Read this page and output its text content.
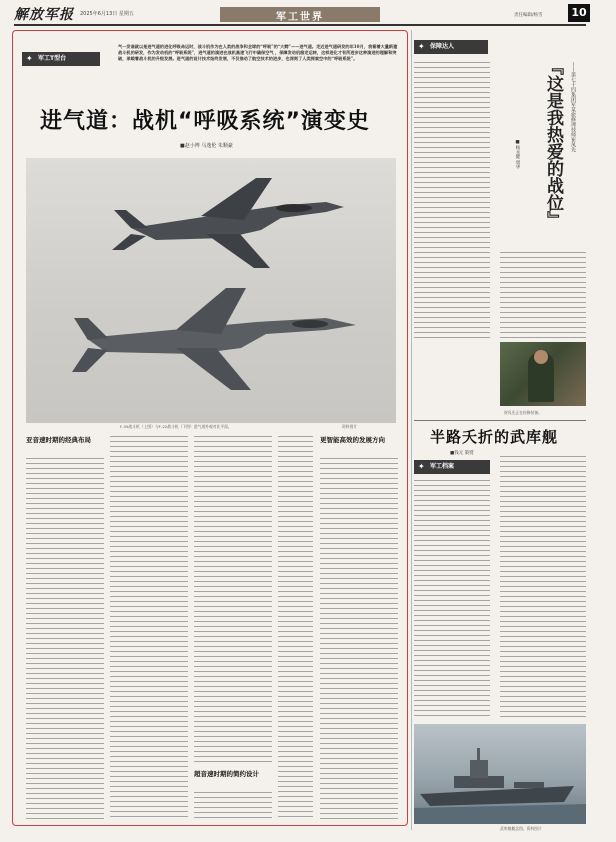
解放军报 2025年6月13日 星期五	军工世界	责任编辑/杨雪	10
✦ 军工T型台
气一发谁就以是进气道的进化呼吸命运时，战斗机作为在人类的战争和全球的“呼吸”的“大鳄”——进气道。走近进气道研发的年10月，我看着大量新建战斗机的研发，作为发动机的“呼吸系统”，进气道的演进在战机高速飞行中确保空气 ，保障发动机稳定运转，这样进化才有所进步这种演进的理解和突破，承载着战斗机的升级发展。进气道的设计技术始终发展，不仅推动了航空技术的进步，也深刻了人类探索空中的“呼吸系统”。
进气道：战机“呼吸系统”演变史
■赵小博 马逸伦 朱顺豪
F-35战斗机（上图）与F-22战斗机（下图）进气道外观对比平面。	资料图片
亚音速时期的经典布局
超音速时期的简约设计
更智能高效的发展方向
✦ 保障达人
『这是我热爱的战位』	——第七十四集团军某旅修理技师崔凤先
■杨永健 周华
崔凤先正在检修装备。
半路夭折的武库舰
■钱元 策劈
✦ 军工档案
武库舰概念图。资料图片
